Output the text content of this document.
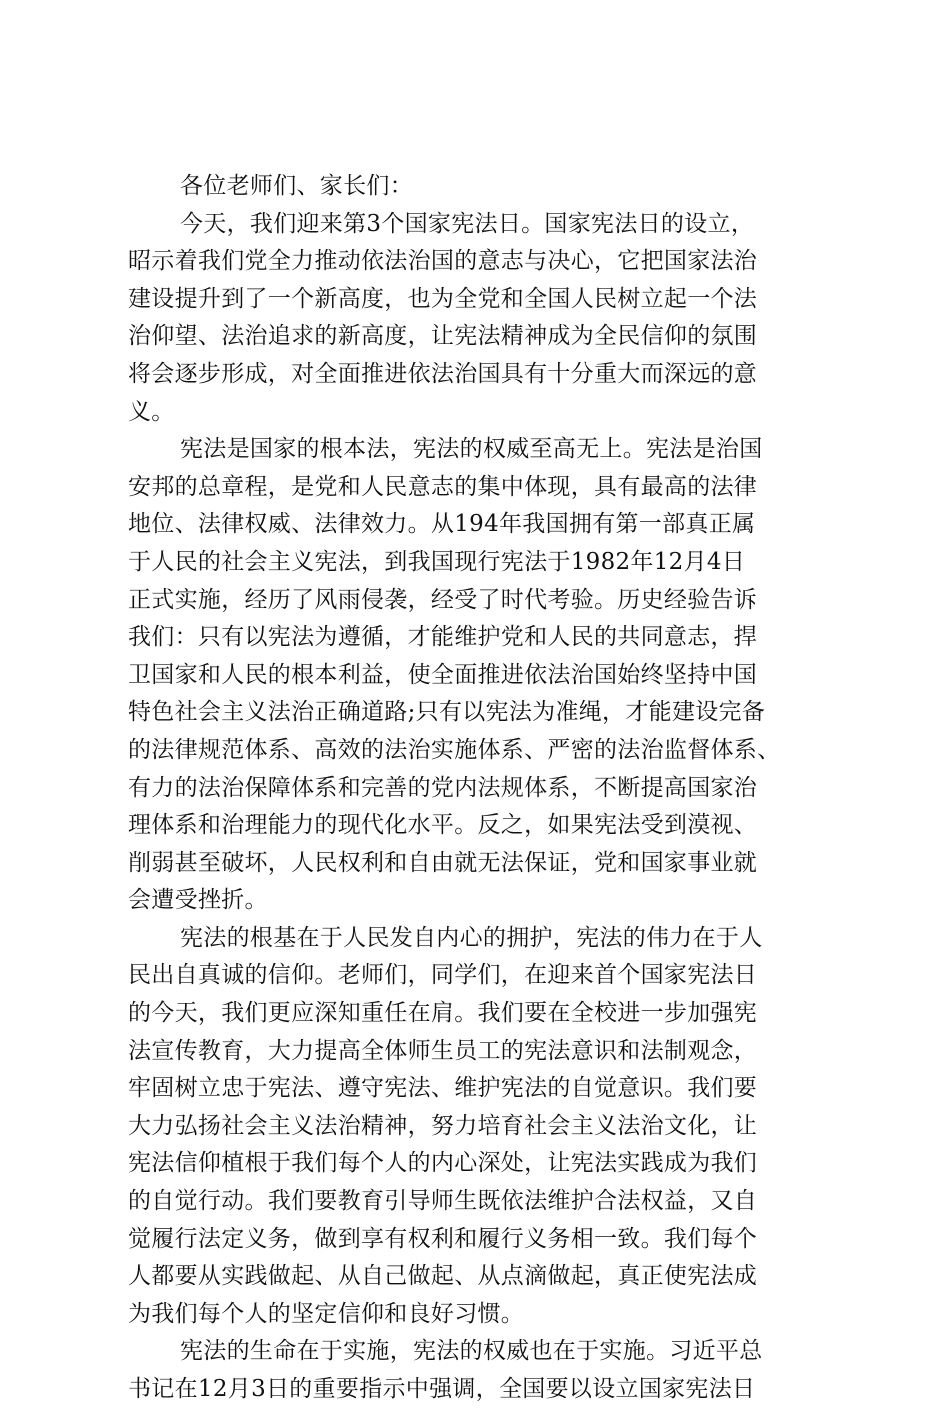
各位老师们、家长们：
今天，我们迎来第3个国家宪法日。国家宪法日的设立，
昭示着我们党全力推动依法治国的意志与决心，它把国家法治
建设提升到了一个新高度，也为全党和全国人民树立起一个法
治仰望、法治追求的新高度，让宪法精神成为全民信仰的氛围
将会逐步形成，对全面推进依法治国具有十分重大而深远的意
义。
宪法是国家的根本法，宪法的权威至高无上。宪法是治国
安邦的总章程，是党和人民意志的集中体现，具有最高的法律
地位、法律权威、法律效力。从194年我国拥有第一部真正属
于人民的社会主义宪法，到我国现行宪法于1982年12月4日
正式实施，经历了风雨侵袭，经受了时代考验。历史经验告诉
我们：只有以宪法为遵循，才能维护党和人民的共同意志，捍
卫国家和人民的根本利益，使全面推进依法治国始终坚持中国
特色社会主义法治正确道路;只有以宪法为准绳，才能建设完备
的法律规范体系、高效的法治实施体系、严密的法治监督体系、
有力的法治保障体系和完善的党内法规体系，不断提高国家治
理体系和治理能力的现代化水平。反之，如果宪法受到漠视、
削弱甚至破坏，人民权利和自由就无法保证，党和国家事业就
会遭受挫折。
宪法的根基在于人民发自内心的拥护，宪法的伟力在于人
民出自真诚的信仰。老师们，同学们，在迎来首个国家宪法日
的今天，我们更应深知重任在肩。我们要在全校进一步加强宪
法宣传教育，大力提高全体师生员工的宪法意识和法制观念，
牢固树立忠于宪法、遵守宪法、维护宪法的自觉意识。我们要
大力弘扬社会主义法治精神，努力培育社会主义法治文化，让
宪法信仰植根于我们每个人的内心深处，让宪法实践成为我们
的自觉行动。我们要教育引导师生既依法维护合法权益，又自
觉履行法定义务，做到享有权利和履行义务相一致。我们每个
人都要从实践做起、从自己做起、从点滴做起，真正使宪法成
为我们每个人的坚定信仰和良好习惯。
宪法的生命在于实施，宪法的权威也在于实施。习近平总
书记在12月3日的重要指示中强调，全国要以设立国家宪法日
